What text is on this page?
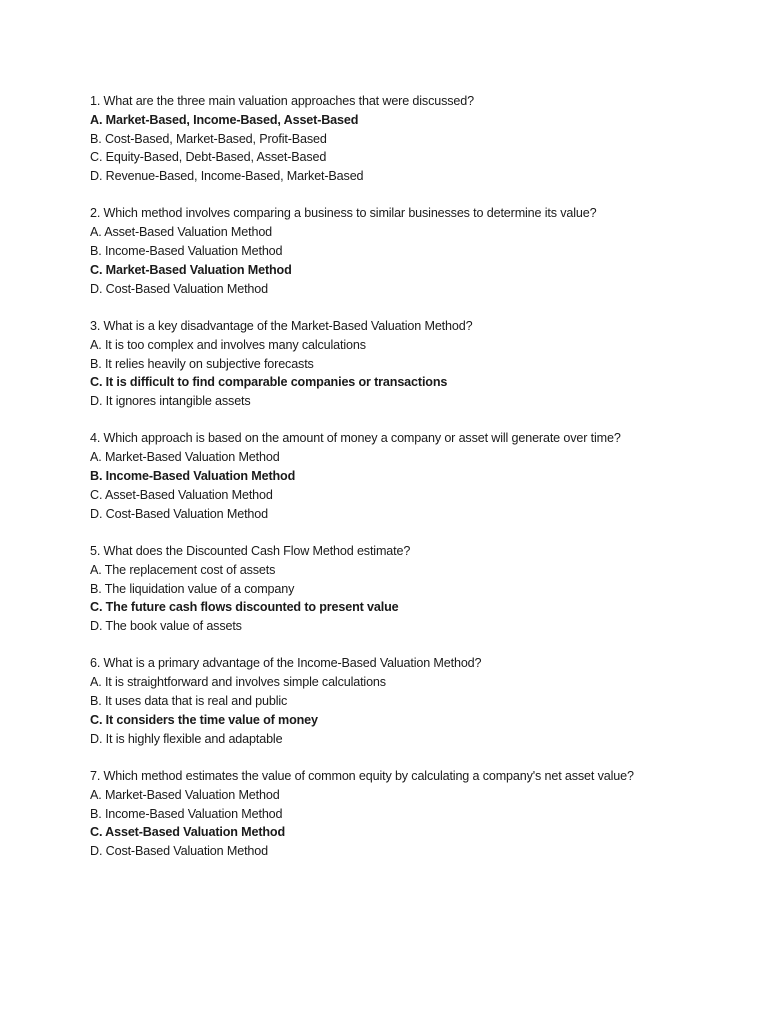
1. What are the three main valuation approaches that were discussed?
A. Market-Based, Income-Based, Asset-Based
B. Cost-Based, Market-Based, Profit-Based
C. Equity-Based, Debt-Based, Asset-Based
D. Revenue-Based, Income-Based, Market-Based
2. Which method involves comparing a business to similar businesses to determine its value?
A. Asset-Based Valuation Method
B. Income-Based Valuation Method
C. Market-Based Valuation Method
D. Cost-Based Valuation Method
3. What is a key disadvantage of the Market-Based Valuation Method?
A. It is too complex and involves many calculations
B. It relies heavily on subjective forecasts
C. It is difficult to find comparable companies or transactions
D. It ignores intangible assets
4. Which approach is based on the amount of money a company or asset will generate over time?
A. Market-Based Valuation Method
B. Income-Based Valuation Method
C. Asset-Based Valuation Method
D. Cost-Based Valuation Method
5. What does the Discounted Cash Flow Method estimate?
A. The replacement cost of assets
B. The liquidation value of a company
C. The future cash flows discounted to present value
D. The book value of assets
6. What is a primary advantage of the Income-Based Valuation Method?
A. It is straightforward and involves simple calculations
B. It uses data that is real and public
C. It considers the time value of money
D. It is highly flexible and adaptable
7. Which method estimates the value of common equity by calculating a company's net asset value?
A. Market-Based Valuation Method
B. Income-Based Valuation Method
C. Asset-Based Valuation Method
D. Cost-Based Valuation Method
